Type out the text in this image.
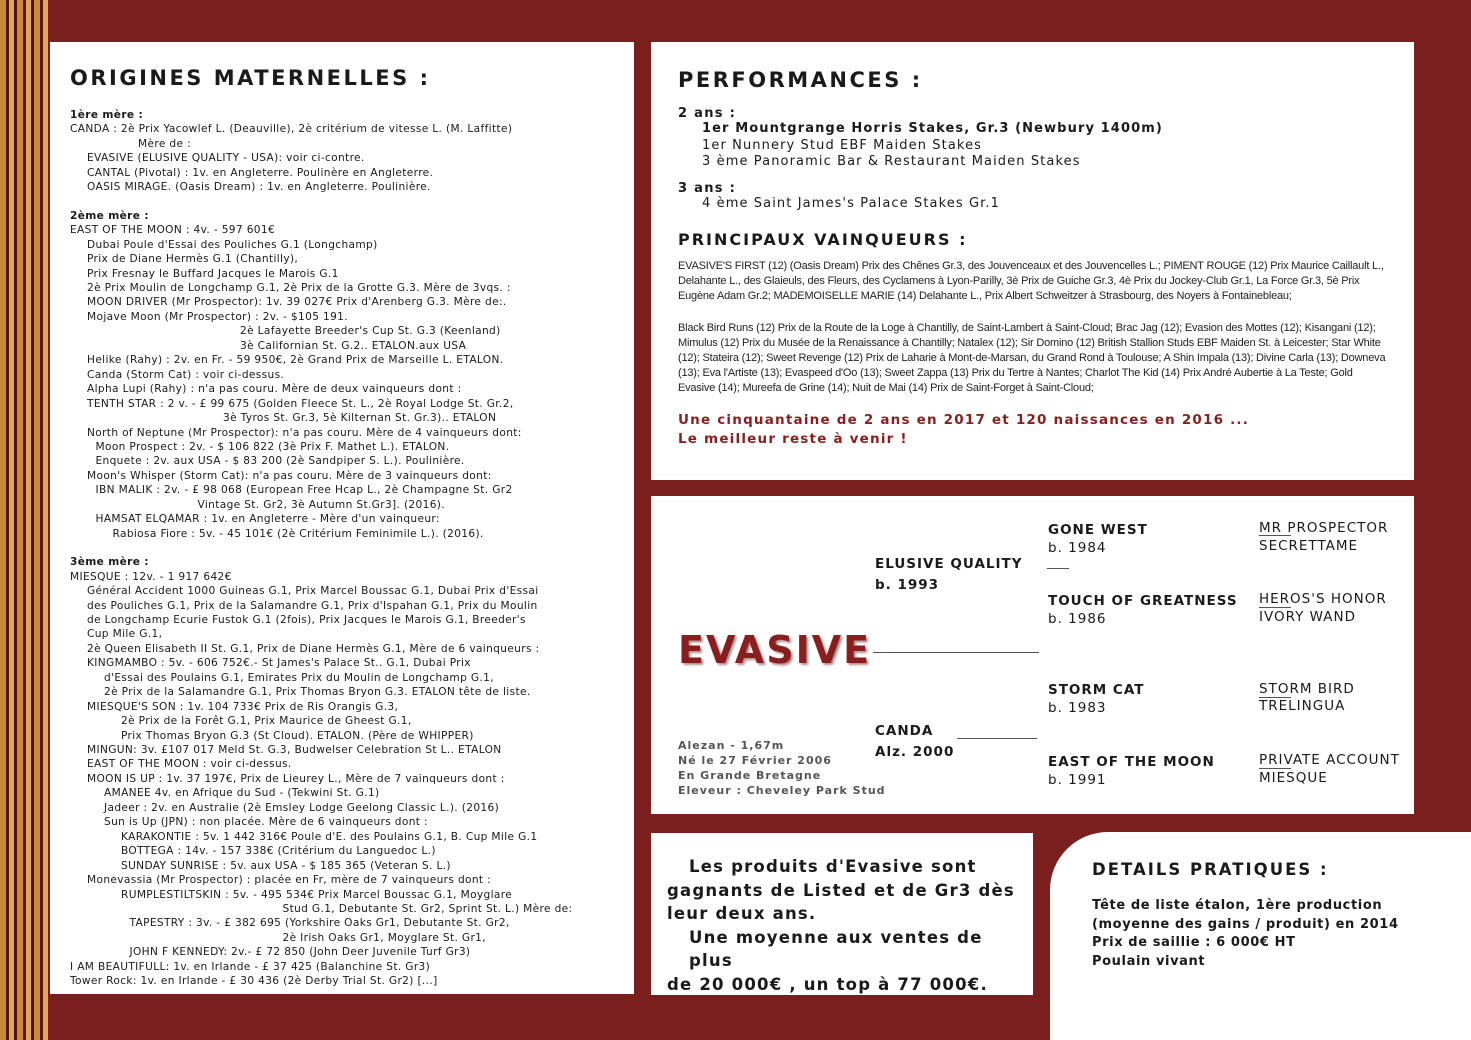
ORIGINES MATERNELLES :
1ère mère :
CANDA : 2è Prix Yacowlef L. (Deauville), 2è critérium de vitesse L. (M. Laffitte)
Mère de :
EVASIVE (ELUSIVE QUALITY - USA): voir ci-contre.
CANTAL (Pivotal) : 1v. en Angleterre. Poulinère en Angleterre.
OASIS MIRAGE. (Oasis Dream) : 1v. en Angleterre. Poulinière.
2ème mère :
EAST OF THE MOON : 4v. - 597 601€
Dubai Poule d'Essai des Pouliches G.1 (Longchamp)
Prix de Diane Hermès G.1 (Chantilly),
Prix Fresnay le Buffard Jacques le Marois G.1
2è Prix Moulin de Longchamp G.1, 2è Prix de la Grotte G.3. Mère de 3vqs. :
MOON DRIVER (Mr Prospector): 1v. 39 027€ Prix d'Arenberg G.3. Mère de:.
Mojave Moon (Mr Prospector) : 2v. - $105 191.
2è Lafayette Breeder's Cup St. G.3 (Keenland)
3è Californian St. G.2.. ETALON.aux USA
Helike (Rahy) : 2v. en Fr. - 59 950€, 2è Grand Prix de Marseille L. ETALON.
Canda (Storm Cat) : voir ci-dessus.
Alpha Lupi (Rahy) : n'a pas couru. Mère de deux vainqueurs dont :
TENTH STAR : 2 v. - £ 99 675 (Golden Fleece St. L., 2è Royal Lodge St. Gr.2,
3è Tyros St. Gr.3, 5è Kilternan St. Gr.3).. ETALON
North of Neptune (Mr Prospector): n'a pas couru. Mère de 4 vainqueurs dont:
Moon Prospect : 2v. - $ 106 822 (3è Prix F. Mathet L.). ETALON.
Enquete : 2v. aux USA - $ 83 200 (2è Sandpiper S. L.). Poulinière.
Moon's Whisper (Storm Cat): n'a pas couru. Mère de 3 vainqueurs dont:
IBN MALIK : 2v. - £ 98 068 (European Free Hcap L., 2è Champagne St. Gr2
Vintage St. Gr2, 3è Autumn St.Gr3]. (2016).
HAMSAT ELQAMAR : 1v. en Angleterre - Mère d'un vainqueur:
Rabiosa Fiore : 5v. - 45 101€ (2è Critérium Feminimile L.). (2016).
3ème mère :
MIESQUE : 12v. - 1 917 642€
Général Accident 1000 Guineas G.1, Prix Marcel Boussac G.1, Dubai Prix d'Essai
des Pouliches G.1, Prix de la Salamandre G.1, Prix d'Ispahan G.1, Prix du Moulin
de Longchamp Ecurie Fustok G.1 (2fois), Prix Jacques le Marois G.1, Breeder's
Cup Mile G.1,
2è Queen Elisabeth II St. G.1, Prix de Diane Hermès G.1, Mère de 6 vainqueurs :
KINGMAMBO : 5v. - 606 752€.- St James's Palace St.. G.1, Dubai Prix
d'Essai des Poulains G.1, Emirates Prix du Moulin de Longchamp G.1,
2è Prix de la Salamandre G.1, Prix Thomas Bryon G.3. ETALON tête de liste.
MIESQUE'S SON : 1v. 104 733€ Prix de Ris Orangis G.3,
2è Prix de la Forêt G.1, Prix Maurice de Gheest G.1,
Prix Thomas Bryon G.3 (St Cloud). ETALON. (Père de WHIPPER)
MINGUN: 3v. £107 017 Meld St. G.3, Budwelser Celebration St L.. ETALON
EAST OF THE MOON : voir ci-dessus.
MOON IS UP : 1v. 37 197€, Prix de Lieurey L., Mère de 7 vainqueurs dont :
AMANEE 4v. en Afrique du Sud - (Tekwini St. G.1)
Jadeer : 2v. en Australie (2è Emsley Lodge Geelong Classic L.). (2016)
Sun is Up (JPN) : non placée. Mère de 6 vainqueurs dont :
KARAKONTIE : 5v. 1 442 316€ Poule d'E. des Poulains G.1, B. Cup Mile G.1
BOTTEGA : 14v. - 157 338€ (Critérium du Languedoc L.)
SUNDAY SUNRISE : 5v. aux USA - $ 185 365 (Veteran S. L.)
Monevassia (Mr Prospector) : placée en Fr, mère de 7 vainqueurs dont :
RUMPLESTILTSKIN : 5v. - 495 534€ Prix Marcel Boussac G.1, Moyglare
Stud G.1, Debutante St. Gr2, Sprint St. L.) Mère de:
TAPESTRY : 3v. - £ 382 695 (Yorkshire Oaks Gr1, Debutante St. Gr2,
2è Irish Oaks Gr1, Moyglare St. Gr1,
JOHN F KENNEDY: 2v.- £ 72 850 (John Deer Juvenile Turf Gr3)
I AM BEAUTIFULL: 1v. en Irlande - £ 37 425 (Balanchine St. Gr3)
Tower Rock: 1v. en Irlande - £ 30 436 (2è Derby Trial St. Gr2) [...]
PERFORMANCES :
2 ans :
1er Mountgrange Horris Stakes, Gr.3 (Newbury 1400m)
1er Nunnery Stud EBF Maiden Stakes
3 ème Panoramic Bar & Restaurant Maiden Stakes
3 ans :
4 ème Saint James's Palace Stakes Gr.1
PRINCIPAUX VAINQUEURS :
EVASIVE'S FIRST (12) (Oasis Dream) Prix des Chênes Gr.3, des Jouvenceaux et des Jouvencelles L.; PIMENT ROUGE (12) Prix Maurice Caillault L., Delahante L., des Glaieuls, des Fleurs, des Cyclamens à Lyon-Parilly, 3è Prix de Guiche Gr.3, 4è Prix du Jockey-Club Gr.1, La Force Gr.3, 5è Prix Eugène Adam Gr.2; MADEMOISELLE MARIE (14) Delahante L., Prix Albert Schweitzer à Strasbourg, des Noyers à Fontainebleau;
Black Bird Runs (12) Prix de la Route de la Loge à Chantilly, de Saint-Lambert à Saint-Cloud; Brac Jag (12); Evasion des Mottes (12); Kisangani (12); Mimulus (12) Prix du Musée de la Renaissance à Chantilly; Natalex (12); Sir Domino (12) British Stallion Studs EBF Maiden St. à Leicester; Star White (12); Stateira (12); Sweet Revenge (12) Prix de Laharie à Mont-de-Marsan, du Grand Rond à Toulouse; A Shin Impala (13); Divine Carla (13); Downeva (13); Eva l'Artiste (13); Evaspeed d'Oo (13); Sweet Zappa (13) Prix du Tertre à Nantes; Charlot The Kid (14) Prix André Aubertie à La Teste; Gold Evasive (14); Mureefa de Grine (14); Nuit de Mai (14) Prix de Saint-Forget à Saint-Cloud;
Une cinquantaine de 2 ans en 2017 et 120 naissances en 2016 ...
Le meilleur reste à venir !
EVASIVE
ELUSIVE QUALITY
b. 1993
CANDA
Alz. 2000
GONE WEST
b. 1984
TOUCH OF GREATNESS
b. 1986
STORM CAT
b. 1983
EAST OF THE MOON
b. 1991
MR PROSPECTOR
SECRETTAME
HEROS'S HONOR
IVORY WAND
STORM BIRD
TRELINGUA
PRIVATE ACCOUNT
MIESQUE
Alezan - 1,67m
Né le 27 Février 2006
En Grande Bretagne
Eleveur : Cheveley Park Stud
Les produits d'Evasive sont
gagnants de Listed et de Gr3 dès
leur deux ans.
Une moyenne aux ventes de plus
de 20 000€ , un top à 77 000€.
DETAILS PRATIQUES :
Tête de liste étalon, 1ère production
(moyenne des gains / produit) en 2014
Prix de saillie : 6 000€ HT
Poulain vivant
